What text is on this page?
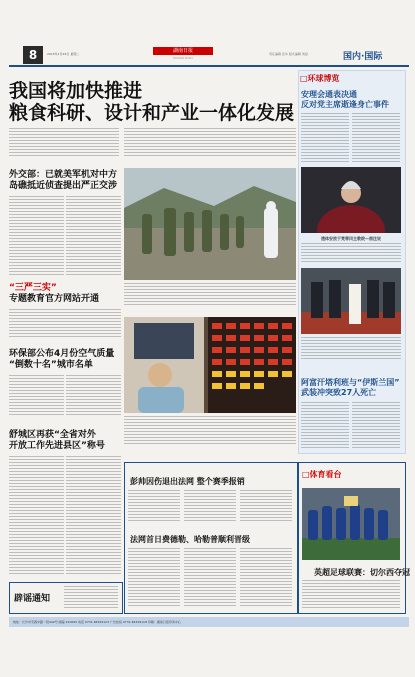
8	2015年1月26日 星期二	湖南日报
HUNAN DAILY
责任编辑 张华 版式编辑 刘斌	国内·国际
我国将加快推进
粮食科研、设计和产业一体化发展
外交部：已就美军机对中方
岛礁抵近侦查提出严正交涉
“三严三实”
专题教育官方网站开通
环保部公布4月份空气质量
“倒数十名”城市名单
舒城区再获“全省对外
开放工作先进县区”称号
辟谣通知
□环球博览
安理会通表决通
反对党主席逝逢身亡事件
遗体安放于梵蒂冈主教院—图注说
阿富汗塔利班与“伊斯兰国”
武装冲突致27人死亡
彭帅因伤退出法网 整个赛季报销
法网首日费德勒、哈勒普顺利晋级
□体育看台
英超足球联赛：切尔西夺冠
地址：长沙市芙蓉中路一段442号 邮编 410005 电话 0731-84329123 广告热线 0731-84329118 印刷：湖南日报印务中心
